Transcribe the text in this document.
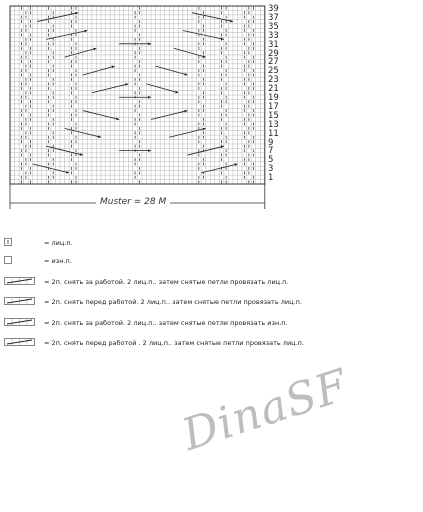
39
37
35
33
31
29
27
25
23
21
19
17
15
13
11
9
7
5
3
1
Muster = 28 M
= лиц.п.
= изн.п.
= 2п. снять за работой. 2 лиц.п.. затем снятые петли провязать лиц.п.
= 2п. снять перед работой. 2 лиц.п.. затем снятые петли провязать лиц.п.
= 2п. снять за работой. 2 лиц.п.. затем снятые петли провязать изн.п.
= 2п. снять перед работой . 2 лиц.п.. затем снятые петли провязать лиц.п.
DinaSF
